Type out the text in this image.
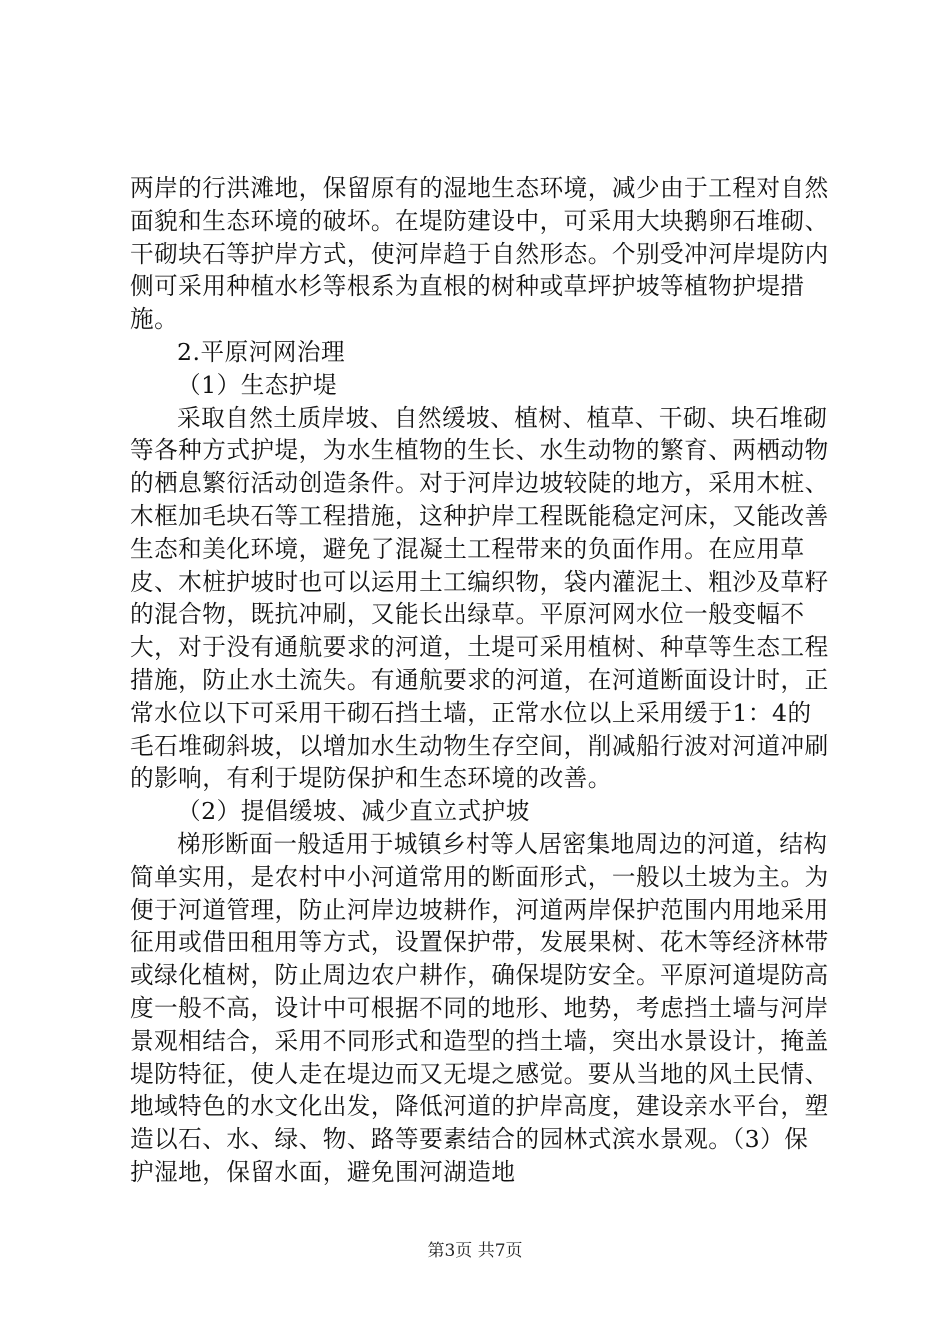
两岸的行洪滩地，保留原有的湿地生态环境，减少由于工程对自然面貌和生态环境的破坏。在堤防建设中，可采用大块鹅卵石堆砌、干砌块石等护岸方式，使河岸趋于自然形态。个别受冲河岸堤防内侧可采用种植水杉等根系为直根的树种或草坪护坡等植物护堤措施。

2.平原河网治理

（1）生态护堤

采取自然土质岸坡、自然缓坡、植树、植草、干砌、块石堆砌等各种方式护堤，为水生植物的生长、水生动物的繁育、两栖动物的栖息繁衍活动创造条件。对于河岸边坡较陡的地方，采用木桩、木框加毛块石等工程措施，这种护岸工程既能稳定河床，又能改善生态和美化环境，避免了混凝土工程带来的负面作用。在应用草皮、木桩护坡时也可以运用土工编织物，袋内灌泥土、粗沙及草籽的混合物，既抗冲刷，又能长出绿草。平原河网水位一般变幅不大，对于没有通航要求的河道，土堤可采用植树、种草等生态工程措施，防止水土流失。有通航要求的河道，在河道断面设计时，正常水位以下可采用干砌石挡土墙，正常水位以上采用缓于1：4的毛石堆砌斜坡，以增加水生动物生存空间，削减船行波对河道冲刷的影响，有利于堤防保护和生态环境的改善。

（2）提倡缓坡、减少直立式护坡

梯形断面一般适用于城镇乡村等人居密集地周边的河道，结构简单实用，是农村中小河道常用的断面形式，一般以土坡为主。为便于河道管理，防止河岸边坡耕作，河道两岸保护范围内用地采用征用或借田租用等方式，设置保护带，发展果树、花木等经济林带或绿化植树，防止周边农户耕作，确保堤防安全。平原河道堤防高度一般不高，设计中可根据不同的地形、地势，考虑挡土墙与河岸景观相结合，采用不同形式和造型的挡土墙，突出水景设计，掩盖堤防特征，使人走在堤边而又无堤之感觉。要从当地的风土民情、地域特色的水文化出发，降低河道的护岸高度，建设亲水平台，塑造以石、水、绿、物、路等要素结合的园林式滨水景观。（3）保护湿地，保留水面，避免围河湖造地

第3页 共7页
